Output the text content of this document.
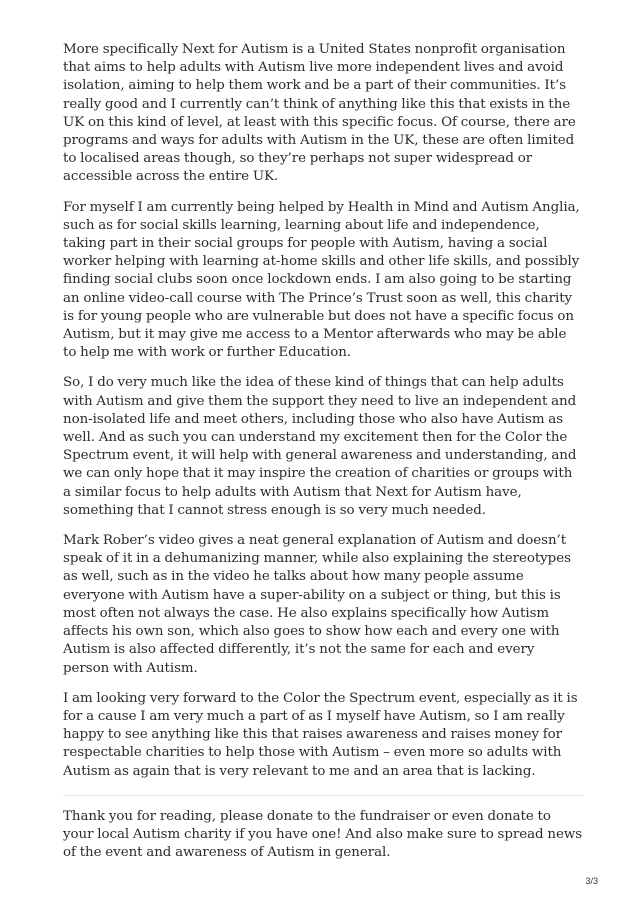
More specifically Next for Autism is a United States nonprofit organisation that aims to help adults with Autism live more independent lives and avoid isolation, aiming to help them work and be a part of their communities. It’s really good and I currently can’t think of anything like this that exists in the UK on this kind of level, at least with this specific focus. Of course, there are programs and ways for adults with Autism in the UK, these are often limited to localised areas though, so they’re perhaps not super widespread or accessible across the entire UK.

For myself I am currently being helped by Health in Mind and Autism Anglia, such as for social skills learning, learning about life and independence, taking part in their social groups for people with Autism, having a social worker helping with learning at-home skills and other life skills, and possibly finding social clubs soon once lockdown ends. I am also going to be starting an online video-call course with The Prince’s Trust soon as well, this charity is for young people who are vulnerable but does not have a specific focus on Autism, but it may give me access to a Mentor afterwards who may be able to help me with work or further Education.

So, I do very much like the idea of these kind of things that can help adults with Autism and give them the support they need to live an independent and non-isolated life and meet others, including those who also have Autism as well. And as such you can understand my excitement then for the Color the Spectrum event, it will help with general awareness and understanding, and we can only hope that it may inspire the creation of charities or groups with a similar focus to help adults with Autism that Next for Autism have, something that I cannot stress enough is so very much needed.

Mark Rober’s video gives a neat general explanation of Autism and doesn’t speak of it in a dehumanizing manner, while also explaining the stereotypes as well, such as in the video he talks about how many people assume everyone with Autism have a super-ability on a subject or thing, but this is most often not always the case. He also explains specifically how Autism affects his own son, which also goes to show how each and every one with Autism is also affected differently, it’s not the same for each and every person with Autism.

I am looking very forward to the Color the Spectrum event, especially as it is for a cause I am very much a part of as I myself have Autism, so I am really happy to see anything like this that raises awareness and raises money for respectable charities to help those with Autism – even more so adults with Autism as again that is very relevant to me and an area that is lacking.

Thank you for reading, please donate to the fundraiser or even donate to your local Autism charity if you have one! And also make sure to spread news of the event and awareness of Autism in general.

3/3
